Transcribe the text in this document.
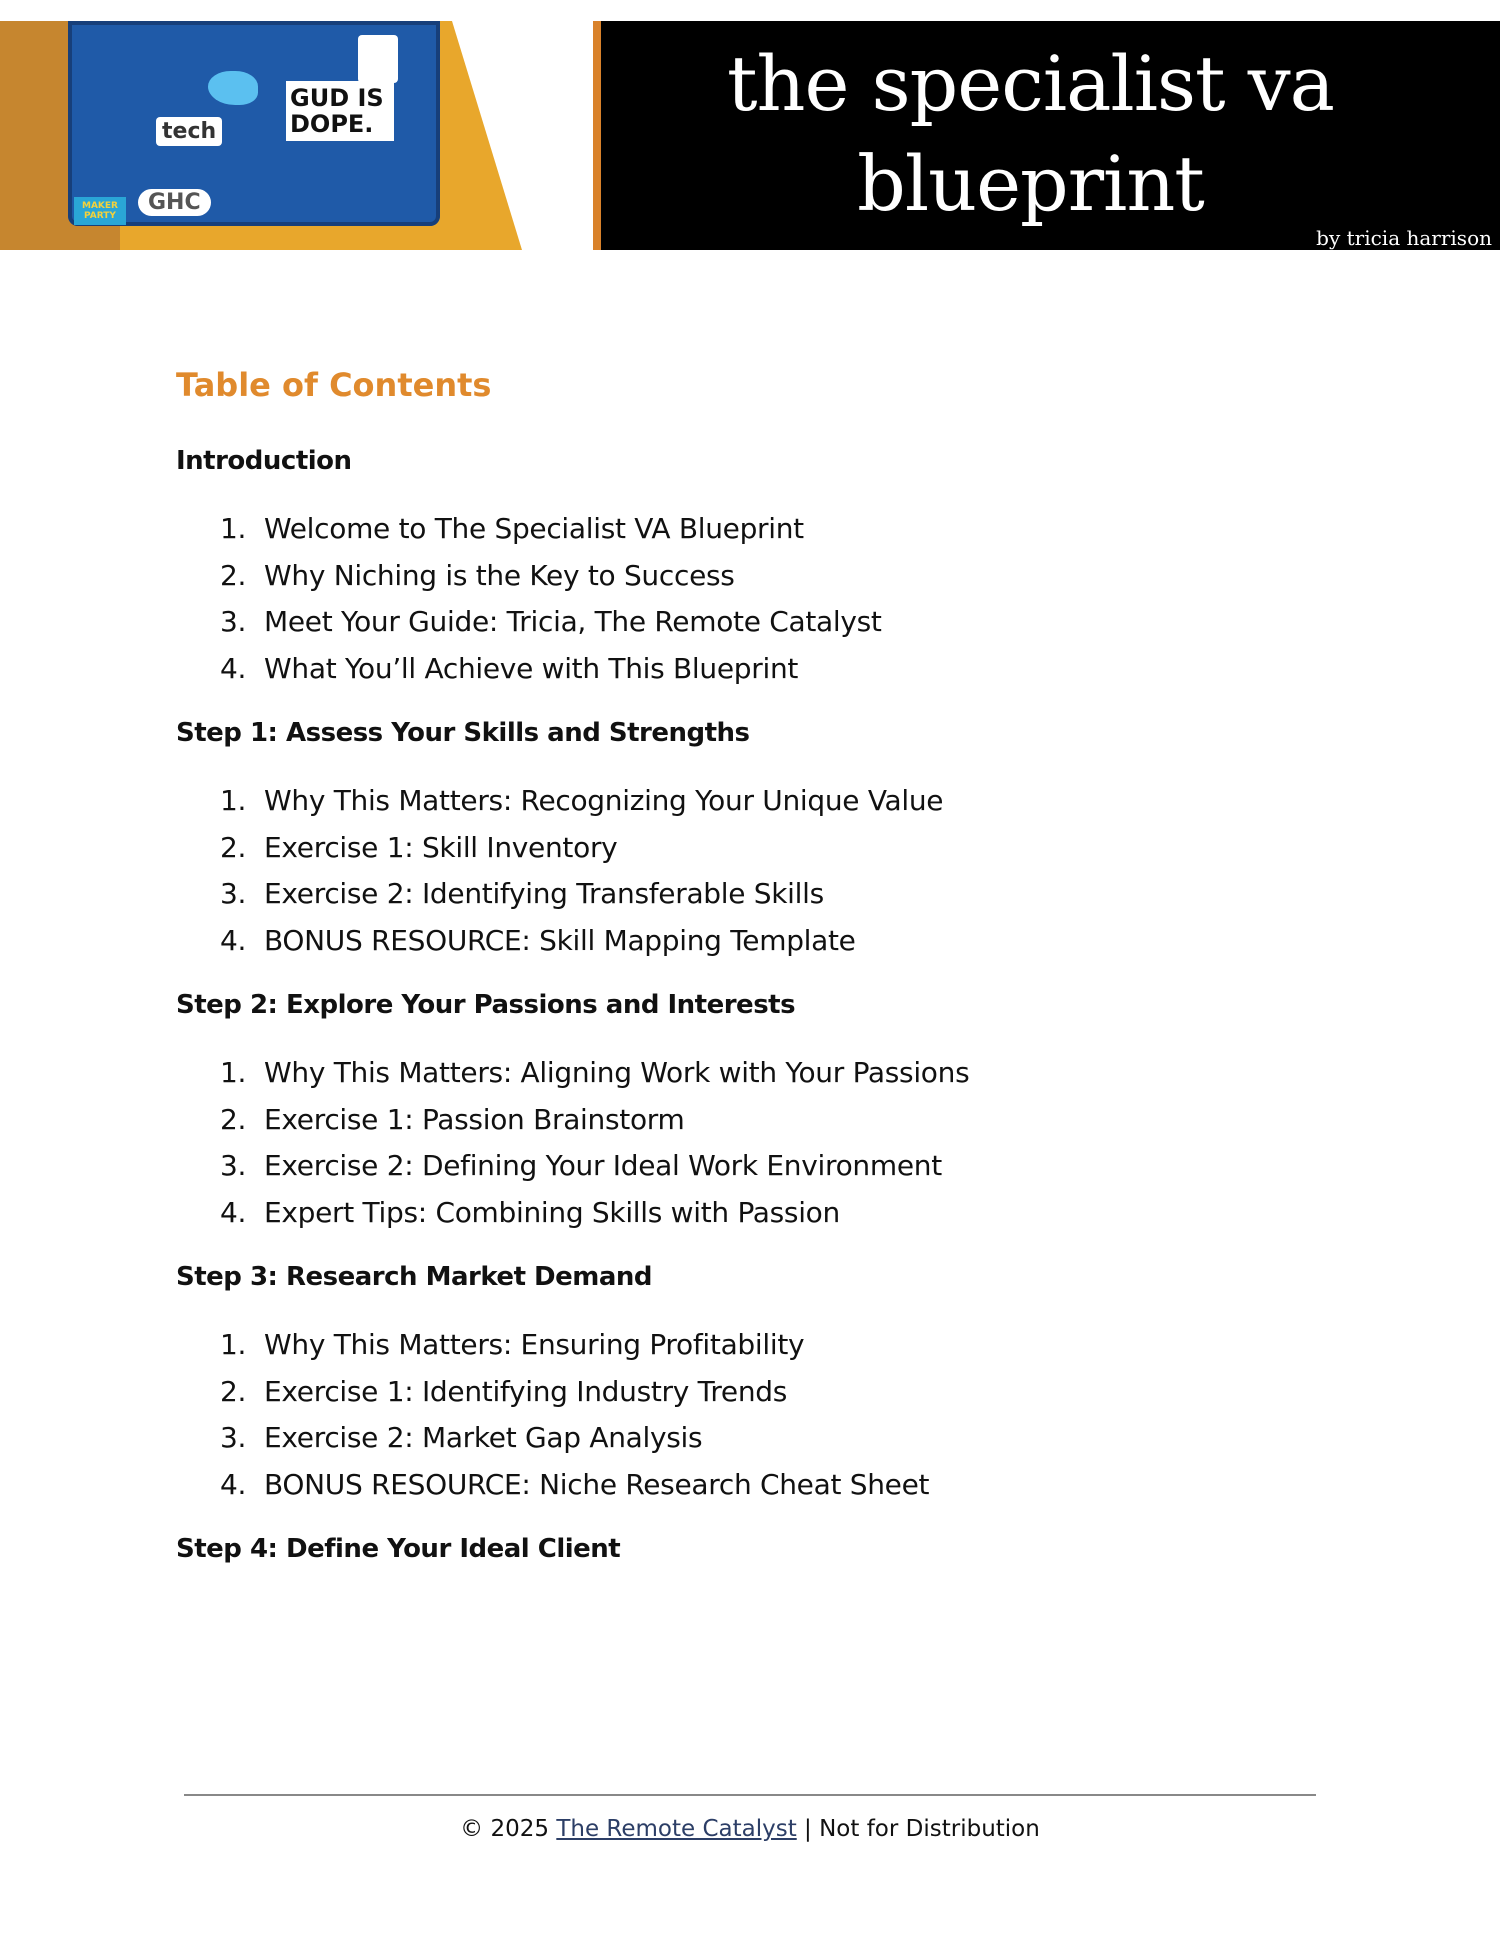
tech
GUD IS DOPE.
GHC
MAKER PARTY
the specialist va
blueprint
by tricia harrison
Table of Contents
Introduction
1. Welcome to The Specialist VA Blueprint
2. Why Niching is the Key to Success
3. Meet Your Guide: Tricia, The Remote Catalyst
4. What You’ll Achieve with This Blueprint
Step 1: Assess Your Skills and Strengths
1. Why This Matters: Recognizing Your Unique Value
2. Exercise 1: Skill Inventory
3. Exercise 2: Identifying Transferable Skills
4. BONUS RESOURCE: Skill Mapping Template
Step 2: Explore Your Passions and Interests
1. Why This Matters: Aligning Work with Your Passions
2. Exercise 1: Passion Brainstorm
3. Exercise 2: Defining Your Ideal Work Environment
4. Expert Tips: Combining Skills with Passion
Step 3: Research Market Demand
1. Why This Matters: Ensuring Profitability
2. Exercise 1: Identifying Industry Trends
3. Exercise 2: Market Gap Analysis
4. BONUS RESOURCE: Niche Research Cheat Sheet
Step 4: Define Your Ideal Client
© 2025 The Remote Catalyst | Not for Distribution
